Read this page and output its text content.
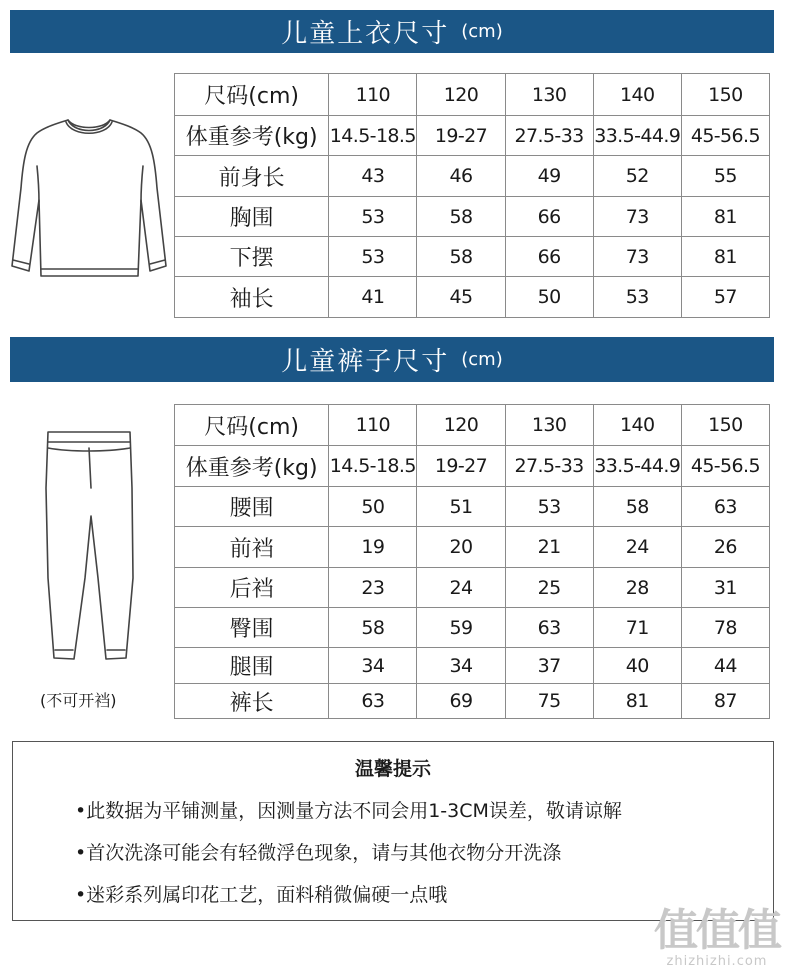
儿童上衣尺寸 (cm)
尺码(cm)	110	120	130	140	150
体重参考(kg)	14.5-18.5	19-27	27.5-33	33.5-44.9	45-56.5
前身长	43	46	49	52	55
胸围	53	58	66	73	81
下摆	53	58	66	73	81
袖长	41	45	50	53	57
儿童裤子尺寸 (cm)
(不可开裆)
尺码(cm)	110	120	130	140	150
体重参考(kg)	14.5-18.5	19-27	27.5-33	33.5-44.9	45-56.5
腰围	50	51	53	58	63
前裆	19	20	21	24	26
后裆	23	24	25	28	31
臀围	58	59	63	71	78
腿围	34	34	37	40	44
裤长	63	69	75	81	87
温馨提示
•此数据为平铺测量，因测量方法不同会用1-3CM误差，敬请谅解
•首次洗涤可能会有轻微浮色现象，请与其他衣物分开洗涤
•迷彩系列属印花工艺，面料稍微偏硬一点哦
值值值
zhizhizhi.com
